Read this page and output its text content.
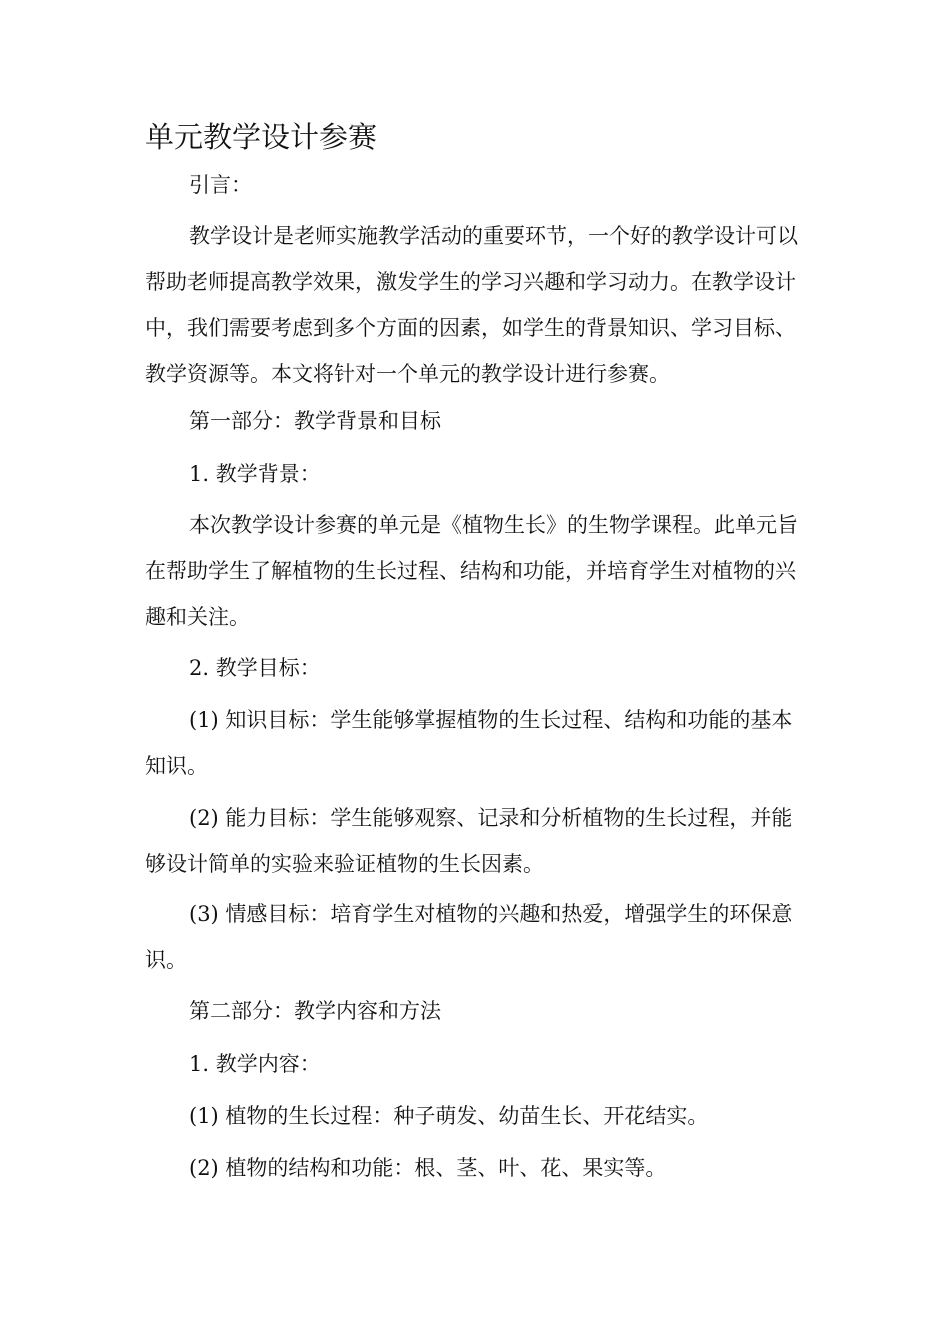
单元教学设计参赛

引言：

教学设计是老师实施教学活动的重要环节，一个好的教学设计可以帮助老师提高教学效果，激发学生的学习兴趣和学习动力。在教学设计中，我们需要考虑到多个方面的因素，如学生的背景知识、学习目标、教学资源等。本文将针对一个单元的教学设计进行参赛。

第一部分：教学背景和目标

1. 教学背景：

本次教学设计参赛的单元是《植物生长》的生物学课程。此单元旨在帮助学生了解植物的生长过程、结构和功能，并培育学生对植物的兴趣和关注。

2. 教学目标：

(1) 知识目标：学生能够掌握植物的生长过程、结构和功能的基本知识。

(2) 能力目标：学生能够观察、记录和分析植物的生长过程，并能够设计简单的实验来验证植物的生长因素。

(3) 情感目标：培育学生对植物的兴趣和热爱，增强学生的环保意识。

第二部分：教学内容和方法

1. 教学内容：

(1) 植物的生长过程：种子萌发、幼苗生长、开花结实。

(2) 植物的结构和功能：根、茎、叶、花、果实等。
